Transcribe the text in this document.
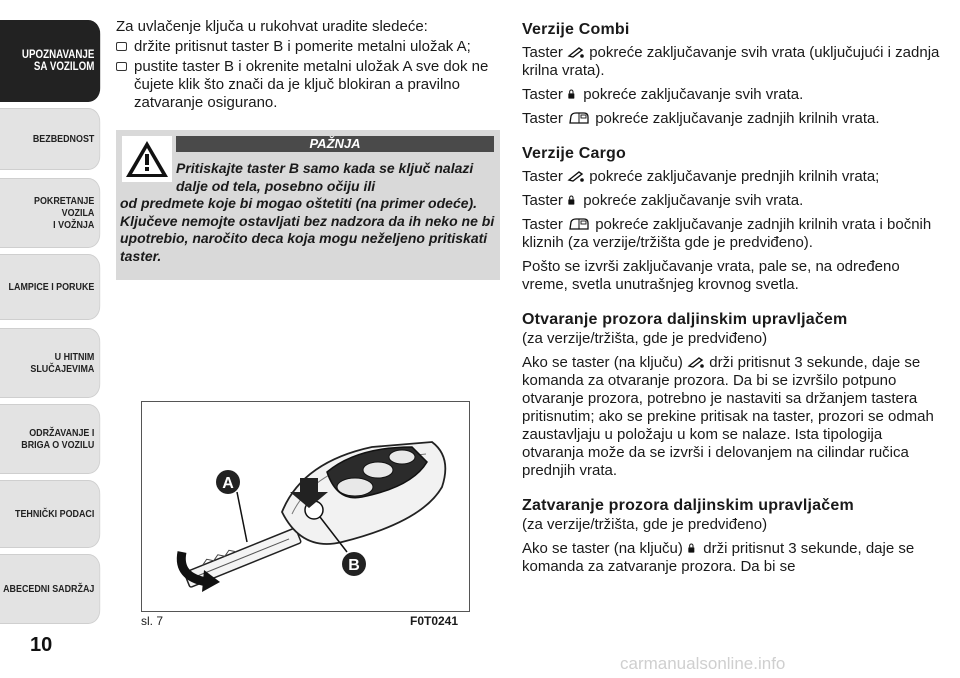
UPOZNAVANJE
SA VOZILOM
BEZBEDNOST
POKRETANJE VOZILA
I VOŽNJA
LAMPICE I PORUKE
U HITNIM
SLUČAJEVIMA
ODRŽAVANJE I
BRIGA O VOZILU
TEHNIČKI PODACI
ABECEDNI SADRŽAJ
10
Za uvlačenje ključa u rukohvat uradite sledeće:
držite pritisnut taster B i pomerite metalni uložak A;
pustite taster B i okrenite metalni uložak A sve dok ne čujete klik što znači da je ključ blokiran a pravilno zatvaranje osigurano.
PAŽNJA
Pritiskajte taster B samo kada se ključ nalazi dalje od tela, posebno očiju ili
od predmete koje bi mogao oštetiti (na primer odeće). Ključeve nemojte ostavljati bez nadzora da ih neko ne bi upotrebio, naročito deca koja mogu neželjeno pritiskati taster.
A
B
sl. 7	F0T0241
Verzije Combi
Taster pokreće zaključavanje svih vrata (uključujući i zadnja krilna vrata).
Taster pokreće zaključavanje svih vrata.
Taster pokreće zaključavanje zadnjih krilnih vrata.
Verzije Cargo
Taster pokreće zaključavanje prednjih krilnih vrata;
Taster pokreće zaključavanje svih vrata.
Taster pokreće zaključavanje zadnjih krilnih vrata i bočnih kliznih (za verzije/tržišta gde je predviđeno).
Pošto se izvrši zaključavanje vrata, pale se, na određeno vreme, svetla unutrašnjeg krovnog svetla.
Otvaranje prozora daljinskim upravljačem
(za verzije/tržišta, gde je predviđeno)
Ako se taster (na ključu) drži pritisnut 3 sekunde, daje se komanda za otvaranje prozora. Da bi se izvršilo potpuno otvaranje prozora, potrebno je nastaviti sa držanjem tastera pritisnutim; ako se prekine pritisak na taster, prozori se odmah zaustavljaju u položaju u kom se nalaze. Ista tipologija otvaranja može da se izvrši i delovanjem na cilindar ručica prednjih vrata.
Zatvaranje prozora daljinskim upravljačem
(za verzije/tržišta, gde je predviđeno)
Ako se taster (na ključu) drži pritisnut 3 sekunde, daje se komanda za zatvaranje prozora. Da bi se
carmanualsonline.info
